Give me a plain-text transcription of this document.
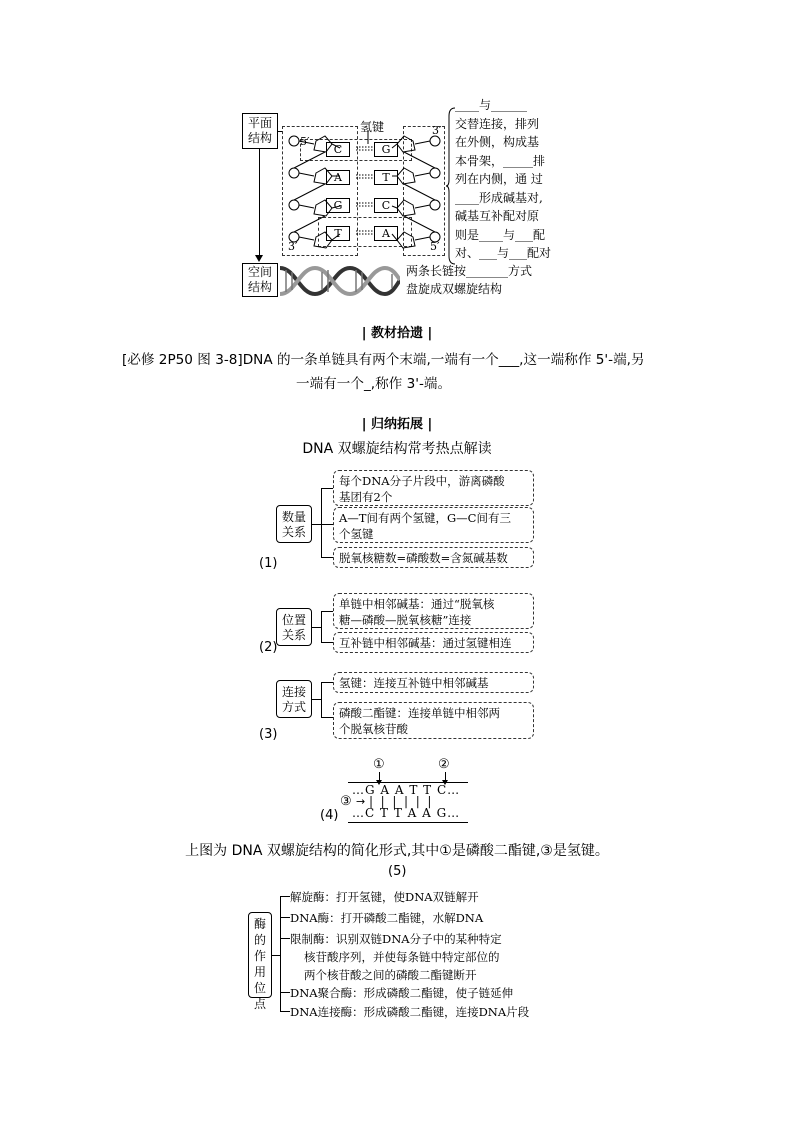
平面结构
空间结构
氢键
5′
3′
3′
5′
C
A
G
T
G
T
C
A
____与______
交替连接，排列
在外侧，构成基
本骨架，_____排
列在内侧，通 过
____形成碱基对,
碱基互补配对原
则是____与___配
对、___与___配对
两条长链按_______方式
盘旋成双螺旋结构
| 教材拾遗 |
[必修 2P50 图 3-8]DNA 的一条单链具有两个末端,一端有一个___,这一端称作 5'-端,另
一端有一个_,称作 3'-端。
| 归纳拓展 |
DNA 双螺旋结构常考热点解读
数量关系
每个DNA分子片段中，游离磷酸
基团有2个
A—T间有两个氢键，G—C间有三
个氢键
脱氧核糖数=磷酸数=含氮碱基数
(1)
位置关系
单链中相邻碱基：通过“脱氧核
糖—磷酸—脱氧核糖”连接
互补链中相邻碱基：通过氢键相连
(2)
连接方式
氢键：连接互补链中相邻碱基
磷酸二酯键：连接单链中相邻两
个脱氧核苷酸
(3)
①	②
…G A A T T C…
③ → |  |  |  |  |  |
…C T T A A G…
(4)
上图为 DNA 双螺旋结构的简化形式,其中①是磷酸二酯键,③是氢键。
(5)
酶的作用位点
解旋酶：打开氢键，使DNA双链解开
DNA酶：打开磷酸二酯键，水解DNA
限制酶：识别双链DNA分子中的某种特定
核苷酸序列，并使每条链中特定部位的
两个核苷酸之间的磷酸二酯键断开
DNA聚合酶：形成磷酸二酯键，使子链延伸
DNA连接酶：形成磷酸二酯键，连接DNA片段
